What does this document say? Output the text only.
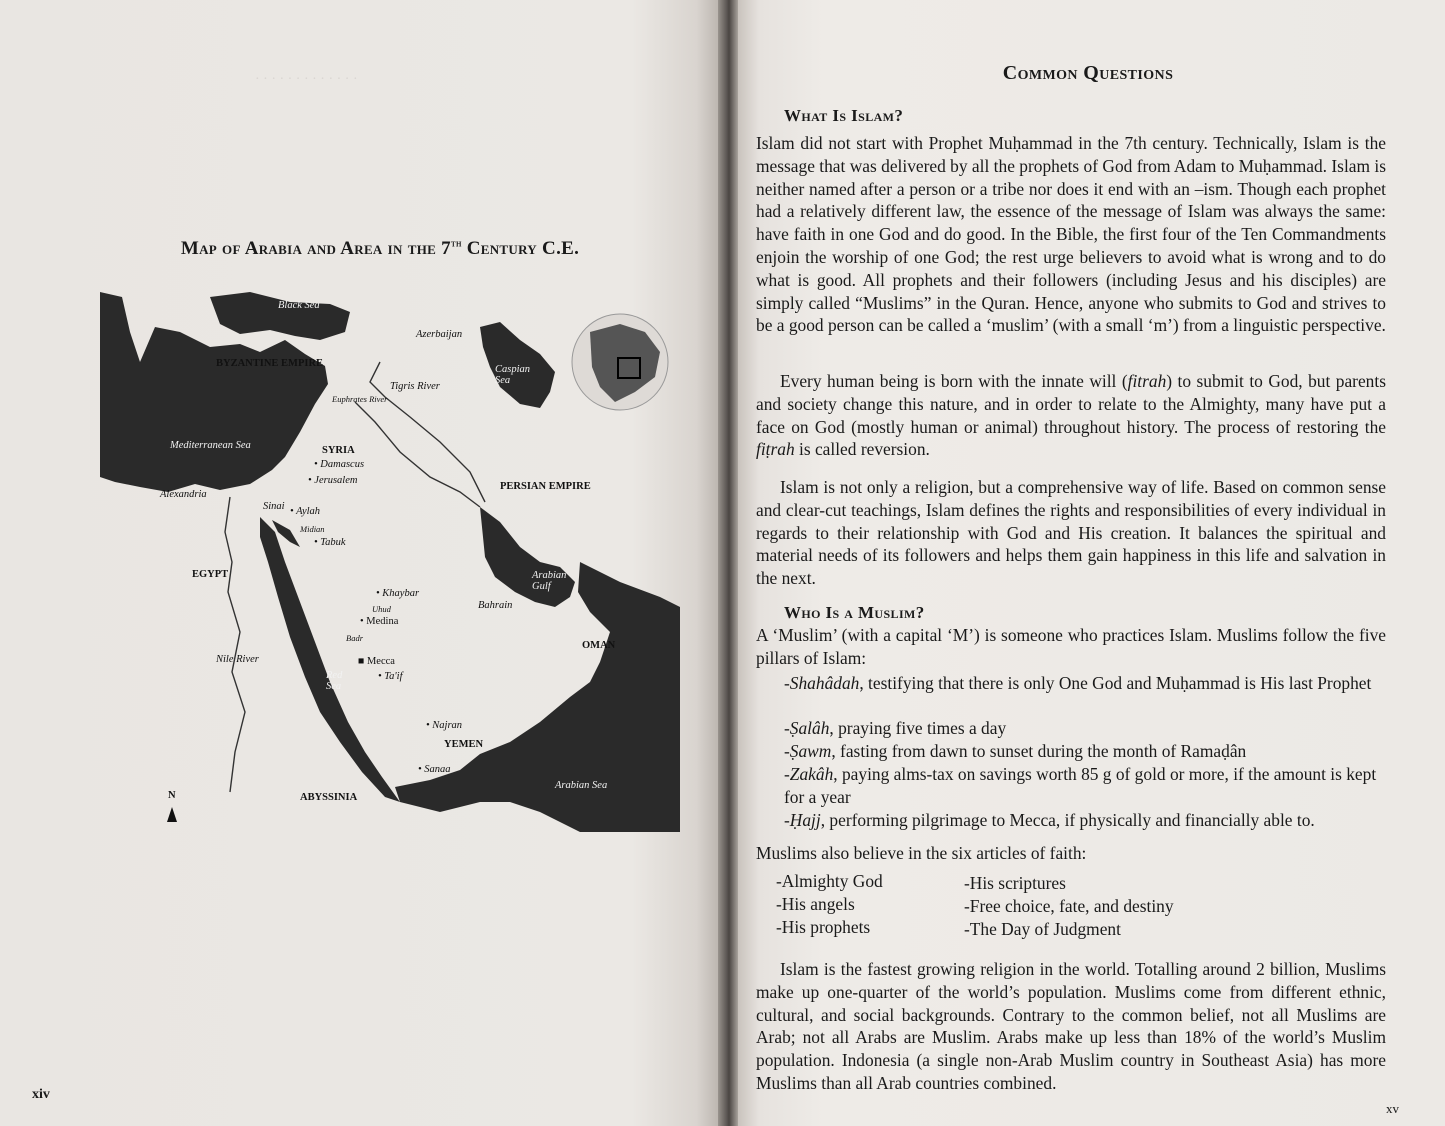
· · · · · · · · · · · · ·
Map of Arabia and Area in the 7th Century C.E.
Black Sea
Azerbaijan
BYZANTINE EMPIRE
Tigris River
Caspian Sea
Euphrates River
Mediterranean Sea	SYRIA
• Damascus
• Jerusalem
Alexandria
PERSIAN EMPIRE
Sinai • Aylah
Midian
• Tabuk
EGYPT	Arabian Gulf
• Khaybar
Uhud	Bahrain
• Medina
Badr
OMAN
Nile River	■ Mecca
Red Sea
• Ta'if
• Najran
YEMEN
• Sanaa
Arabian Sea
N	ABYSSINIA
xiv
Common Questions
What Is Islam?
Islam did not start with Prophet Muḥammad in the 7th century. Technically, Islam is the message that was delivered by all the prophets of God from Adam to Muḥammad. Islam is neither named after a person or a tribe nor does it end with an –ism. Though each prophet had a relatively different law, the essence of the message of Islam was always the same: have faith in one God and do good. In the Bible, the first four of the Ten Commandments enjoin the worship of one God; the rest urge believers to avoid what is wrong and to do what is good. All prophets and their followers (including Jesus and his disciples) are simply called “Muslims” in the Quran. Hence, anyone who submits to God and strives to be a good person can be called a ‘muslim’ (with a small ‘m’) from a linguistic perspective.
Every human being is born with the innate will (fitrah) to submit to God, but parents and society change this nature, and in order to relate to the Almighty, many have put a face on God (mostly human or animal) throughout history. The process of restoring the fiṭrah is called reversion.
Islam is not only a religion, but a comprehensive way of life. Based on common sense and clear-cut teachings, Islam defines the rights and responsibilities of every individual in regards to their relationship with God and His creation. It balances the spiritual and material needs of its followers and helps them gain happiness in this life and salvation in the next.
Who Is a Muslim?
A ‘Muslim’ (with a capital ‘M’) is someone who practices Islam. Muslims follow the five pillars of Islam:
-Shahâdah, testifying that there is only One God and Muḥammad is His last Prophet
-Ṣalâh, praying five times a day
-Ṣawm, fasting from dawn to sunset during the month of Ramaḍân
-Zakâh, paying alms-tax on savings worth 85 g of gold or more, if the amount is kept for a year
-Ḥajj, performing pilgrimage to Mecca, if physically and financially able to.
Muslims also believe in the six articles of faith:
-Almighty God
-His angels
-His prophets
-His scriptures
-Free choice, fate, and destiny
-The Day of Judgment
Islam is the fastest growing religion in the world. Totalling around 2 billion, Muslims make up one-quarter of the world’s population. Muslims come from different ethnic, cultural, and social backgrounds. Contrary to the common belief, not all Muslims are Arab; not all Arabs are Muslim. Arabs make up less than 18% of the world’s Muslim population. Indonesia (a single non-Arab Muslim country in Southeast Asia) has more Muslims than all Arab countries combined.
xv
